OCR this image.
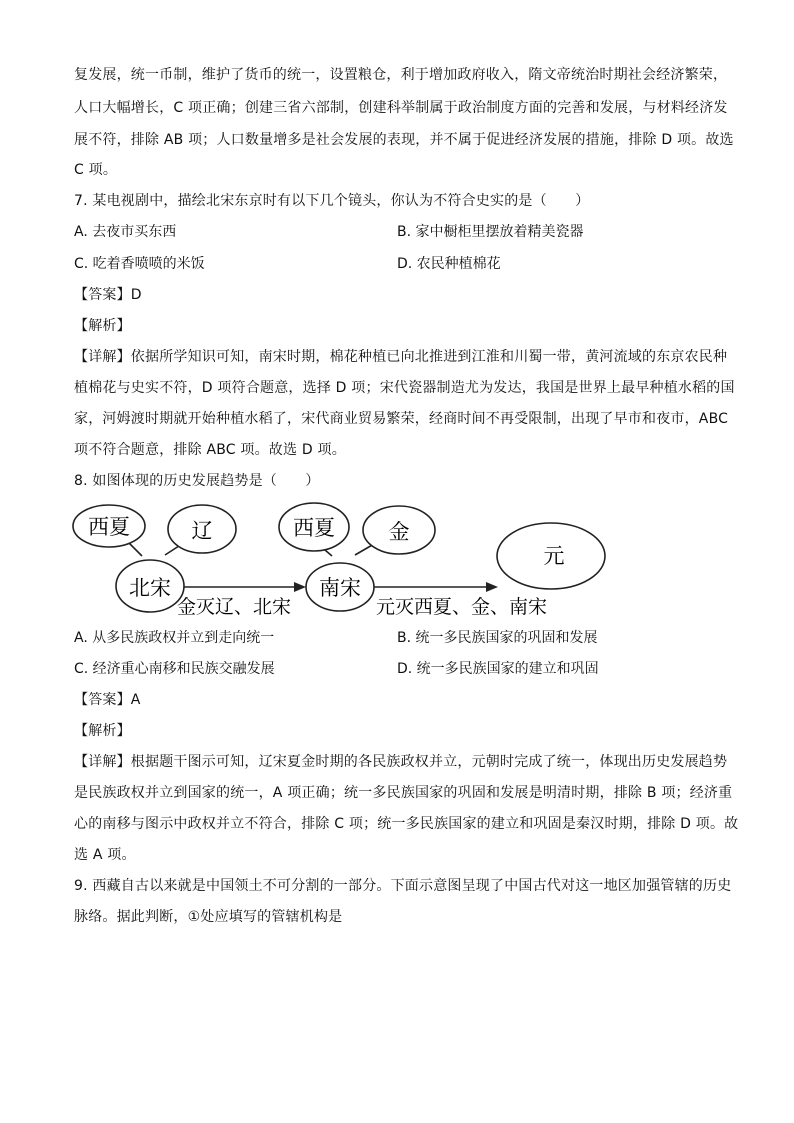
复发展，统一币制，维护了货币的统一，设置粮仓，利于增加政府收入，隋文帝统治时期社会经济繁荣，
人口大幅增长，C 项正确；创建三省六部制，创建科举制属于政治制度方面的完善和发展，与材料经济发
展不符，排除 AB 项；人口数量增多是社会发展的表现，并不属于促进经济发展的措施，排除 D 项。故选
C 项。
7. 某电视剧中，描绘北宋东京时有以下几个镜头，你认为不符合史实的是（　　）
A. 去夜市买东西	B. 家中橱柜里摆放着精美瓷器
C. 吃着香喷喷的米饭	D. 农民种植棉花
【答案】D
【解析】
【详解】依据所学知识可知，南宋时期，棉花种植已向北推进到江淮和川蜀一带，黄河流域的东京农民种
植棉花与史实不符，D 项符合题意，选择 D 项；宋代瓷器制造尤为发达，我国是世界上最早种植水稻的国
家，河姆渡时期就开始种植水稻了，宋代商业贸易繁荣，经商时间不再受限制，出现了早市和夜市，ABC
项不符合题意，排除 ABC 项。故选 D 项。
8. 如图体现的历史发展趋势是（　　）
西夏	辽
北宋
西夏	金
南宋
元
金灭辽、北宋	元灭西夏、金、南宋
A. 从多民族政权并立到走向统一	B. 统一多民族国家的巩固和发展
C. 经济重心南移和民族交融发展	D. 统一多民族国家的建立和巩固
【答案】A
【解析】
【详解】根据题干图示可知，辽宋夏金时期的各民族政权并立，元朝时完成了统一，体现出历史发展趋势
是民族政权并立到国家的统一，A 项正确；统一多民族国家的巩固和发展是明清时期，排除 B 项；经济重
心的南移与图示中政权并立不符合，排除 C 项；统一多民族国家的建立和巩固是秦汉时期，排除 D 项。故
选 A 项。
9. 西藏自古以来就是中国领土不可分割的一部分。下面示意图呈现了中国古代对这一地区加强管辖的历史
脉络。据此判断，①处应填写的管辖机构是
